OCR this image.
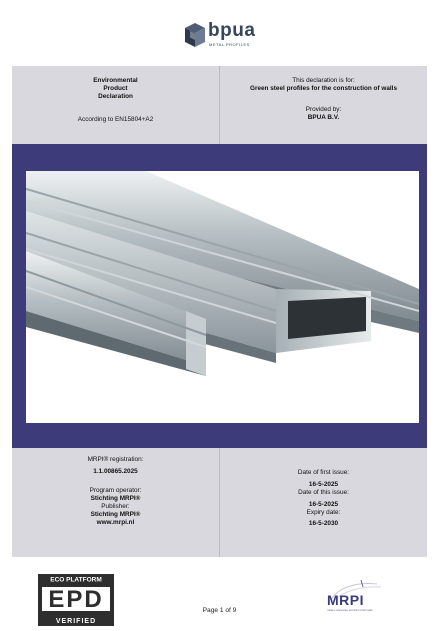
bpua
METAL PROFILES
Environmental
Product
Declaration
According to EN15804+A2
This declaration is for:
Green steel profiles for the construction of walls
Provided by:
BPUA B.V.
MRPI® registration:
1.1.00865.2025
Program operator:
Stichting MRPI®
Publisher:
Stichting MRPI®
www.mrpi.nl
Date of first issue:
16-5-2025
Date of this issue:
16-5-2025
Expiry date:
16-5-2030
ECO PLATFORM
EPD
VERIFIED
Page 1 of 9
MRPI
milieu relevante product informatie
